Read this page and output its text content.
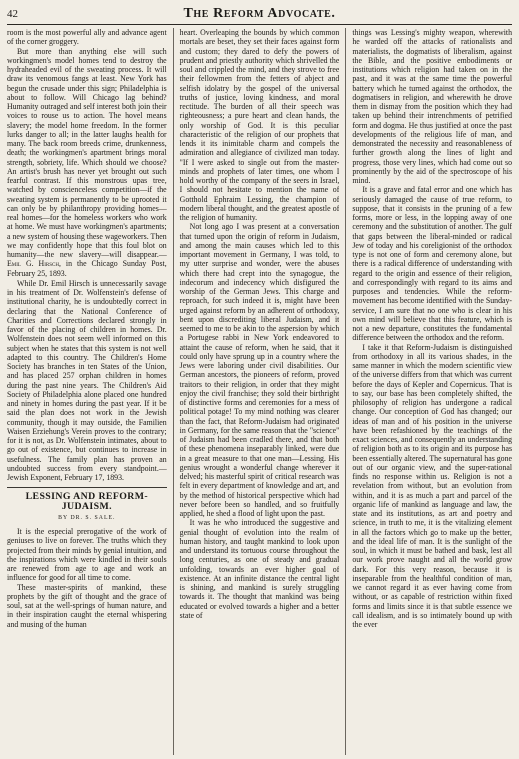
42	The Reform Advocate.

room is the most powerful ally and advance agent of the corner groggery.

But more than anything else will such workingmen's model homes tend to destroy the hydraheaded evil of the sweating process. It will draw its venomous fangs at least. New York has begun the crusade under this sign; Philadelphia is about to follow. Will Chicago lag behind? Humanity outraged and self interest both join their voices to rouse us to action. The hovel means slavery; the model home freedom. In the former lurks danger to all; in the latter laughs health for many. The back room breeds crime, drunkenness, death; the workingmen's apartment brings moral strength, sobriety, life. Which should we choose? An artist's brush has never yet brought out such fearful contrast. If this monstrous upas tree, watched by conscienceless competition—if the sweating system is permanently to be uprooted it can only be by philanthropy providing homes—real homes—for the homeless workers who work at home. We must have workingmen's apartments; a new system of housing these wageworkers. Then we may confidently hope that this foul blot on humanity—the new slavery—will disappear.— Emil G. Hirsch, in the Chicago Sunday Post, February 25, 1893.

While Dr. Emil Hirsch is unnecessarily savage in his treatment of Dr. Wolfenstein's defense of institutional charity, he is undoubtedly correct in declaring that the National Conference of Charities and Corrections declared strongly in favor of the placing of children in homes. Dr. Wolfenstein does not seem well informed on this subject when he states that this system is not well adapted to this country. The Children's Home Society has branches in ten States of the Union, and has placed 257 orphan children in homes during the past nine years. The Children's Aid Society of Philadelphia alone placed one hundred and ninety in homes during the past year. If it be said the plan does not work in the Jewish community, though it may outside, the Familien Waisen Erziehung's Verein proves to the contrary; for it is not, as Dr. Wolfenstein intimates, about to go out of existence, but continues to increase in usefulness. The family plan has proven an undoubted success from every standpoint.—Jewish Exponent, February 17, 1893.

LESSING AND REFORM-JUDAISM.
BY DR. S. SALE.

It is the especial prerogative of the work of geniuses to live on forever. The truths which they projected from their minds by genial intuition, and the inspirations which were kindled in their souls are renewed from age to age and work an influence for good for all time to come.

These master-spirits of mankind, these prophets by the gift of thought and the grace of soul, sat at the well-springs of human nature, and in their inspiration caught the eternal whispering and musing of the human

heart. Overleaping the bounds by which common mortals are beset, they set their faces against form and custom; they dared to defy the powers of prudent and priestly authority which shrivelled the soul and crippled the mind, and they strove to free their fellowmen from the fetters of abject and selfish idolatry by the gospel of the universal truths of justice, loving kindness, and moral rectitude. The burden of all their speech was righteousness; a pure heart and clean hands, the only worship of God. It is this peculiar characteristic of the religion of our prophets that lends it its inimitable charm and compels the admiration and allegiance of civilized man today. "If I were asked to single out from the master-minds and prophets of later times, one whom I hold worthy of the company of the seers in Israel, I should not hesitate to mention the name of Gotthold Ephraim Lessing, the champion of modern liberal thought, and the greatest apostle of the religion of humanity.

Not long ago I was present at a conversation that turned upon the origin of reform in Judaism, and among the main causes which led to this important movement in Germany, I was told, to my utter surprise and wonder, were the abuses which there had crept into the synagogue, the indecorum and indecency which disfigured the worship of the German Jews. This charge and reproach, for such indeed it is, might have been urged against reform by an adherent of orthodoxy, bent upon discrediting liberal Judaism, and it seemed to me to be akin to the aspersion by which a Portugese rabbi in New York endeavored to attaint the cause of reform, when he said, that it could only have sprung up in a country where the Jews were laboring under civil disabilities. Our German ancestors, the pioneers of reform, proved traitors to their religion, in order that they might enjoy the civil franchise; they sold their birthright of distinctive forms and ceremonies for a mess of political potage! To my mind nothing was clearer than the fact, that Reform-Judaism had originated in Germany, for the same reason that the "science" of Judaism had been cradled there, and that both of these phenomena inseparably linked, were due in a great measure to that one man—Lessing. His genius wrought a wonderful change wherever it delved; his masterful spirit of critical research was felt in every department of knowledge and art, and by the method of historical perspective which had never before been so handled, and so fruitfully applied, he shed a flood of light upon the past.

It was he who introduced the suggestive and genial thought of evolution into the realm of human history, and taught mankind to look upon and understand its tortuous course throughout the long centuries, as one of steady and gradual unfolding, towards an ever higher goal of existence. At an infinite distance the central light is shining, and mankind is surely struggling towards it. The thought that mankind was being educated or evolved towards a higher and a better state of

things was Lessing's mighty weapon, wherewith he warded off the attacks of rationalists and materialists, the dogmatists of liberalism, against the Bible, and the positive embodiments or institutions which religion had taken on in the past, and it was at the same time the powerful battery which he turned against the orthodox, the dogmatisers in religion, and wherewith he drove them in dismay from the position which they had taken up behind their intrenchments of petrified form and dogma. He thus justified at once the past developments of the religious life of man, and demonstrated the necessity and reasonableness of further growth along the lines of light and progress, those very lines, which had come out so prominently by the aid of the spectroscope of his mind.

It is a grave and fatal error and one which has seriously damaged the cause of true reform, to suppose, that it consists in the pruning of a few forms, more or less, in the lopping away of one ceremony and the substitution of another. The gulf that gaps between the liberal-minded or radical Jew of today and his coreligionist of the orthodox type is not one of form and ceremony alone, but there is a radical difference of understanding with regard to the origin and essence of their religion, and correspondingly with regard to its aims and purposes and tendencies. While the reform-movement has become identified with the Sunday-service, I am sure that no one who is clear in his own mind will believe that this feature, which is not a new departure, constitutes the fundamental difference between the orthodox and the reform.

I take it that Reform-Judaism is distinguished from orthodoxy in all its various shades, in the same manner in which the modern scientific view of the universe differs from that which was current before the days of Kepler and Copernicus. That is to say, our base has been completely shifted, the philosophy of religion has undergone a radical change. Our conception of God has changed; our ideas of man and of his position in the universe have been refashioned by the teachings of the exact sciences, and consequently an understanding of religion both as to its origin and its purpose has been essentially altered. The supernatural has gone out of our organic view, and the super-rational finds no response within us. Religion is not a revelation from without, but an evolution from within, and it is as much a part and parcel of the organic life of mankind as language and law, the state and its institutions, as art and poetry and science, in truth to me, it is the vitalizing element in all the factors which go to make up the better, and the ideal life of man. It is the sunlight of the soul, in which it must be bathed and bask, lest all our work prove naught and all the world grow dark. For this very reason, because it is inseparable from the healthful condition of man, we cannot regard it as ever having come from without, or as capable of restriction within fixed forms and limits since it is that subtle essence we call idealism, and is so intimately bound up with the ever
